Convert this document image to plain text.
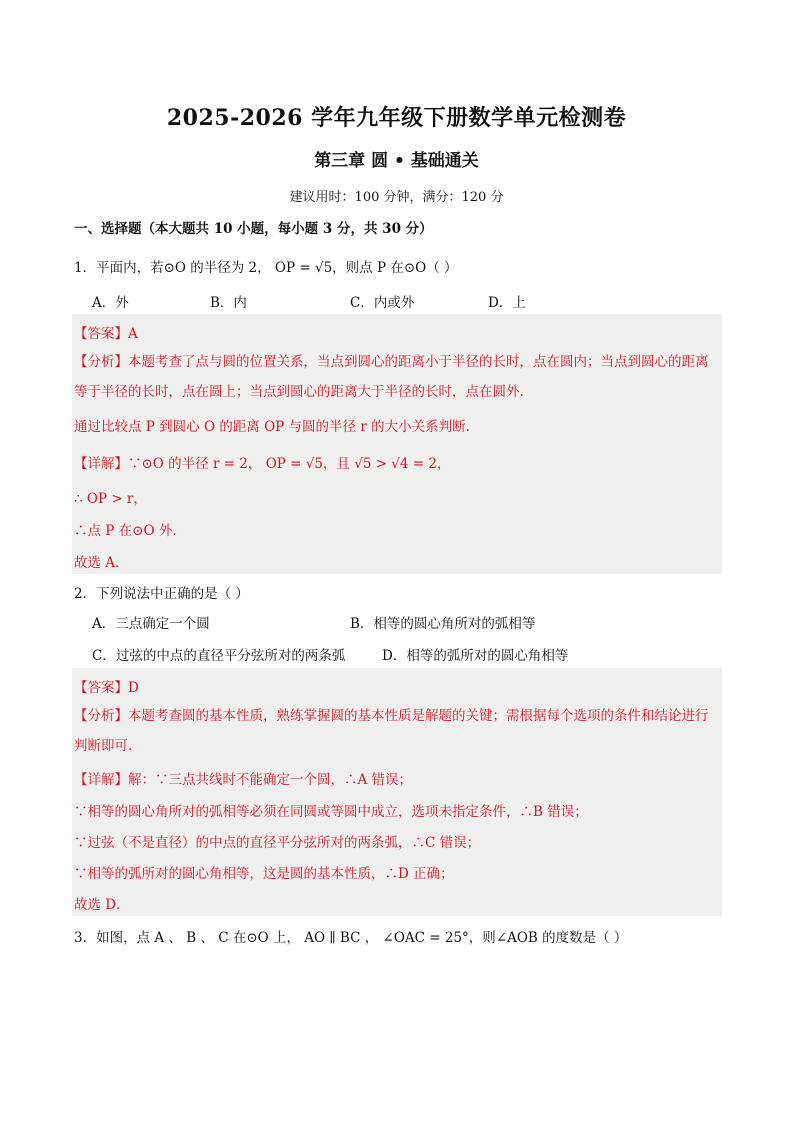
2025-2026 学年九年级下册数学单元检测卷
第三章 圆 • 基础通关
建议用时：100 分钟，满分：120 分
一、选择题（本大题共 10 小题，每小题 3 分，共 30 分）
1．平面内，若⊙O 的半径为 2， OP = √5，则点 P 在⊙O（ ）
A．外	B．内	C．内或外	D．上
【答案】A
【分析】本题考查了点与圆的位置关系，当点到圆心的距离小于半径的长时，点在圆内；当点到圆心的距离等于半径的长时，点在圆上；当点到圆心的距离大于半径的长时，点在圆外.
通过比较点 P 到圆心 O 的距离 OP 与圆的半径 r 的大小关系判断.
【详解】∵⊙O 的半径 r = 2， OP = √5，且 √5 > √4 = 2，
∴ OP > r，
∴点 P 在⊙O 外.
故选 A．
2．下列说法中正确的是（ ）
A．三点确定一个圆	B．相等的圆心角所对的弧相等
C．过弦的中点的直径平分弦所对的两条弧	D．相等的弧所对的圆心角相等
【答案】D
【分析】本题考查圆的基本性质，熟练掌握圆的基本性质是解题的关键；需根据每个选项的条件和结论进行判断即可.
【详解】解：∵三点共线时不能确定一个圆，∴A 错误；
∵相等的圆心角所对的弧相等必须在同圆或等圆中成立，选项未指定条件，∴B 错误；
∵过弦（不是直径）的中点的直径平分弦所对的两条弧，∴C 错误；
∵相等的弧所对的圆心角相等，这是圆的基本性质，∴D 正确；
故选 D．
3．如图，点 A 、 B 、 C 在⊙O 上， AO ∥ BC ， ∠OAC = 25°，则∠AOB 的度数是（ ）
